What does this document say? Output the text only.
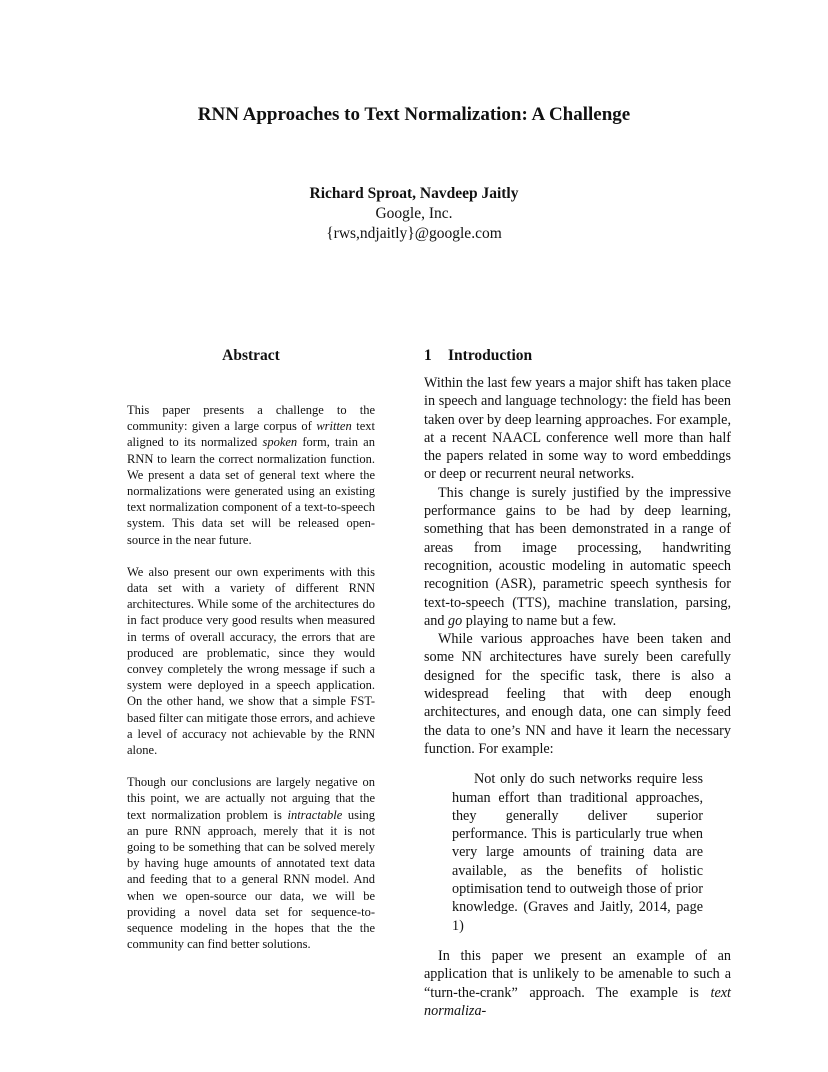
RNN Approaches to Text Normalization: A Challenge
Richard Sproat, Navdeep Jaitly
Google, Inc.
{rws,ndjaitly}@google.com
Abstract

This paper presents a challenge to the community: given a large corpus of written text aligned to its normalized spoken form, train an RNN to learn the correct normalization function. We present a data set of general text where the normalizations were generated using an existing text normalization component of a text-to-speech system. This data set will be released open-source in the near future.

We also present our own experiments with this data set with a variety of different RNN architectures. While some of the architectures do in fact produce very good results when measured in terms of overall accuracy, the errors that are produced are problematic, since they would convey completely the wrong message if such a system were deployed in a speech application. On the other hand, we show that a simple FST-based filter can mitigate those errors, and achieve a level of accuracy not achievable by the RNN alone.

Though our conclusions are largely negative on this point, we are actually not arguing that the text normalization problem is intractable using an pure RNN approach, merely that it is not going to be something that can be solved merely by having huge amounts of annotated text data and feeding that to a general RNN model. And when we open-source our data, we will be providing a novel data set for sequence-to-sequence modeling in the hopes that the the community can find better solutions.

1 Introduction

Within the last few years a major shift has taken place in speech and language technology: the field has been taken over by deep learning approaches. For example, at a recent NAACL conference well more than half the papers related in some way to word embeddings or deep or recurrent neural networks.

This change is surely justified by the impressive performance gains to be had by deep learning, something that has been demonstrated in a range of areas from image processing, handwriting recognition, acoustic modeling in automatic speech recognition (ASR), parametric speech synthesis for text-to-speech (TTS), machine translation, parsing, and go playing to name but a few.

While various approaches have been taken and some NN architectures have surely been carefully designed for the specific task, there is also a widespread feeling that with deep enough architectures, and enough data, one can simply feed the data to one’s NN and have it learn the necessary function. For example:

Not only do such networks require less human effort than traditional approaches, they generally deliver superior performance. This is particularly true when very large amounts of training data are available, as the benefits of holistic optimisation tend to outweigh those of prior knowledge. (Graves and Jaitly, 2014, page 1)

In this paper we present an example of an application that is unlikely to be amenable to such a “turn-the-crank” approach. The example is text normaliza-
